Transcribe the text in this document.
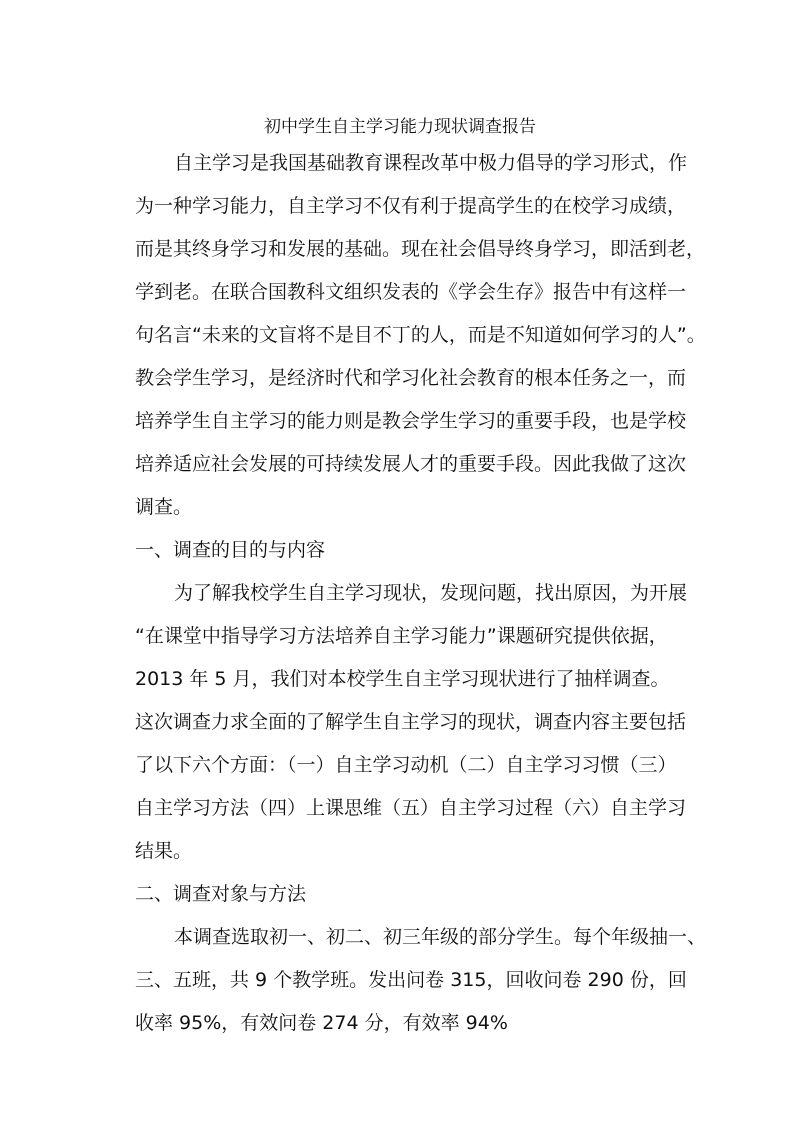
初中学生自主学习能力现状调查报告
自主学习是我国基础教育课程改革中极力倡导的学习形式，作
为一种学习能力，自主学习不仅有利于提高学生的在校学习成绩，
而是其终身学习和发展的基础。现在社会倡导终身学习，即活到老，
学到老。在联合国教科文组织发表的《学会生存》报告中有这样一
句名言“未来的文盲将不是目不丁的人，而是不知道如何学习的人”。
教会学生学习，是经济时代和学习化社会教育的根本任务之一，而
培养学生自主学习的能力则是教会学生学习的重要手段，也是学校
培养适应社会发展的可持续发展人才的重要手段。因此我做了这次
调查。
一、调查的目的与内容
为了解我校学生自主学习现状，发现问题，找出原因，为开展
“在课堂中指导学习方法培养自主学习能力”课题研究提供依据，
2013 年 5 月，我们对本校学生自主学习现状进行了抽样调查。
这次调查力求全面的了解学生自主学习的现状，调查内容主要包括
了以下六个方面：（一）自主学习动机（二）自主学习习惯（三）
自主学习方法（四）上课思维（五）自主学习过程（六）自主学习
结果。
二、调查对象与方法
本调查选取初一、初二、初三年级的部分学生。每个年级抽一、
三、五班，共 9 个教学班。发出问卷 315，回收问卷 290 份，回
收率 95%，有效问卷 274 分，有效率 94%
